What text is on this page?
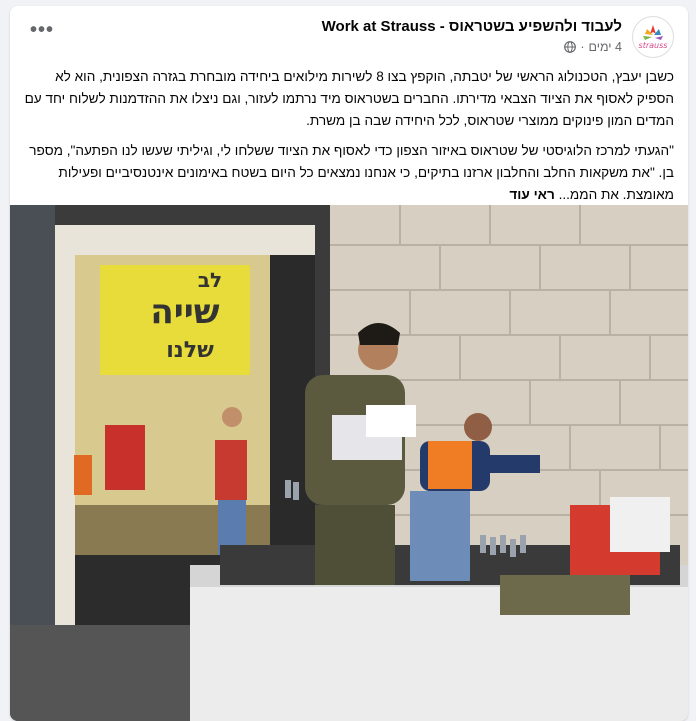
strauss
לעבוד ולהשפיע בשטראוס - Work at Strauss
4 ימים
·
•••

כשבן יעבץ, הטכנולוג הראשי של יטבתה, הוקפץ בצו 8 לשירות מילואים ביחידה מובחרת בגזרה הצפונית, הוא לא הספיק לאסוף את הציוד הצבאי מדירתו. החברים בשטראוס מיד נרתמו לעזור, וגם ניצלו את ההזדמנות לשלוח יחד עם המדים המון פינוקים ממוצרי שטראוס, לכל היחידה שבה בן משרת.

"הגעתי למרכז הלוגיסטי של שטראוס באיזור הצפון כדי לאסוף את הציוד ששלחו לי, וגיליתי שעשו לנו הפתעה", מספר בן. "את משקאות החלב והחלבון ארזנו בתיקים, כי אנחנו נמצאים כל היום בשטח באימונים אינטנסיביים ופעילות מאומצת. את הממ... ראי עוד

לב
שייה
שלנו
